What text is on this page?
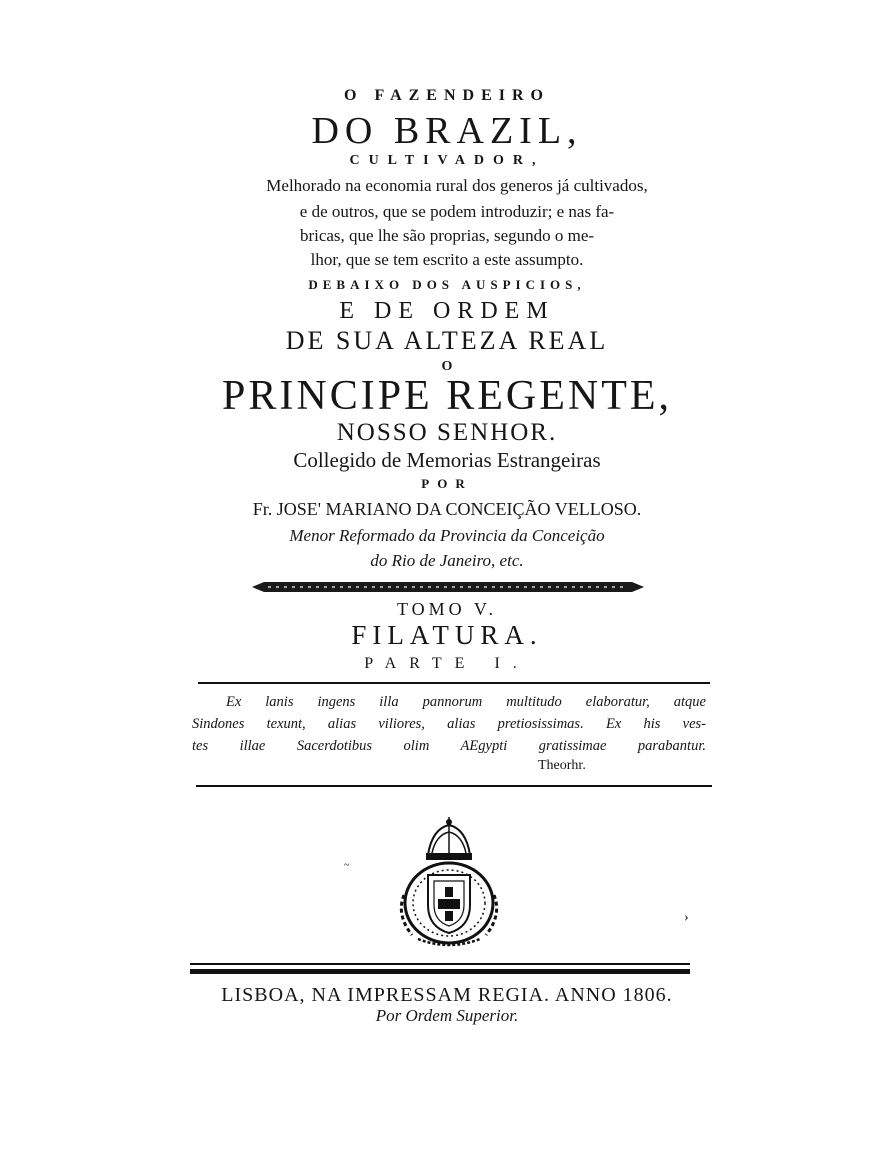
O FAZENDEIRO
DO BRAZIL,
CULTIVADOR,
Melhorado na economia rural dos generos já cultivados,
e de outros, que se podem introduzir; e nas fa-
bricas, que lhe são proprias, segundo o me-
lhor, que se tem escrito a este assumpto.
DEBAIXO DOS AUSPICIOS,
E DE ORDEM
DE SUA ALTEZA REAL
O
PRINCIPE REGENTE,
NOSSO SENHOR.
Collegido de Memorias Estrangeiras
POR
Fr. JOSE' MARIANO DA CONCEIÇÃO VELLOSO.
Menor Reformado da Provincia da Conceição
do Rio de Janeiro, etc.
TOMO V.
FILATURA.
PARTE I.

Ex lanis ingens illa pannorum multitudo elaboratur, atque

Sindones texunt, alias viliores, alias pretiosissimas. Ex his ves-

tes illae Sacerdotibus olim AEgypti gratissimae parabantur.

Theorhr.
~
›
LISBOA, NA IMPRESSAM REGIA. ANNO 1806.
Por Ordem Superior.
